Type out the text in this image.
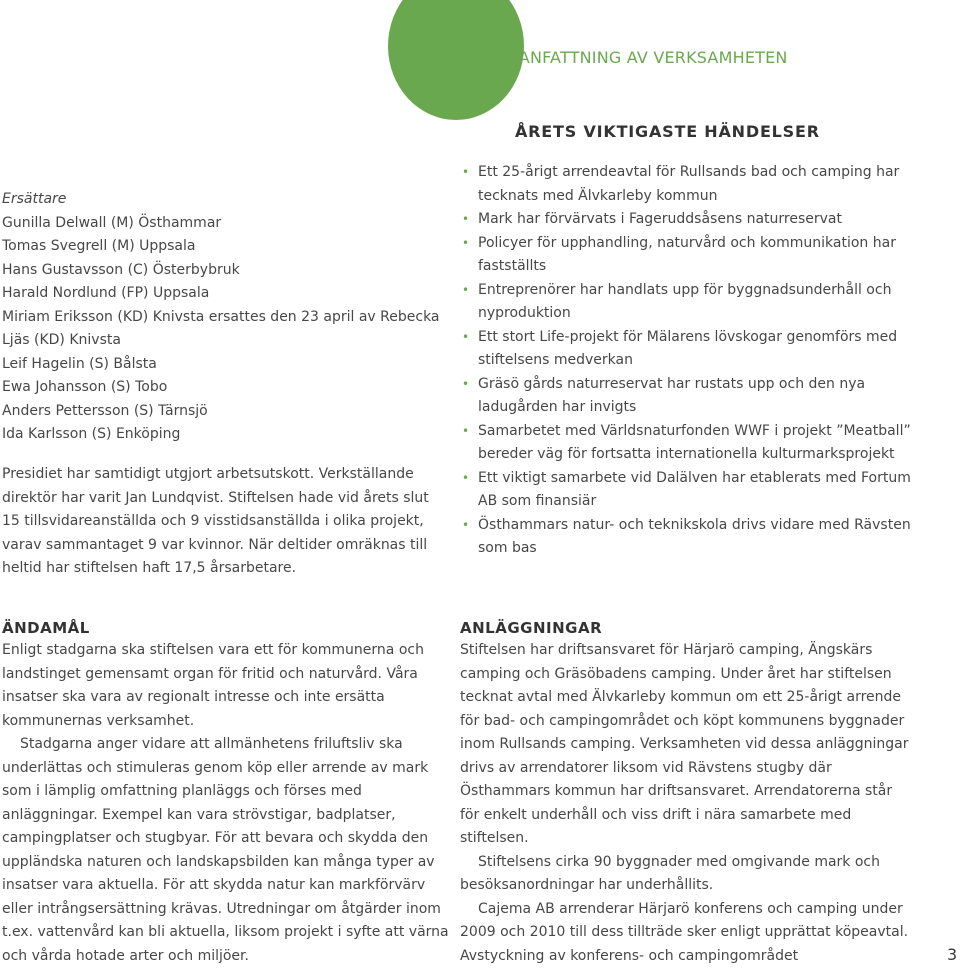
SAMMANFATTNING AV VERKSAMHETEN
ÅRETS VIKTIGASTE HÄNDELSER
• Ett 25-årigt arrendeavtal för Rullsands bad och camping har tecknats med Älvkarleby kommun
• Mark har förvärvats i Fageruddsåsens naturreservat
• Policyer för upphandling, naturvård och kommunikation har fastställts
• Entreprenörer har handlats upp för byggnadsunderhåll och nyproduktion
• Ett stort Life-projekt för Mälarens lövskogar genomförs med stiftelsens medverkan
• Gräsö gårds naturreservat har rustats upp och den nya ladugården har invigts
• Samarbetet med Världsnaturfonden WWF i projekt ”Meatball” bereder väg för fortsatta internationella kulturmarksprojekt
• Ett viktigt samarbete vid Dalälven har etablerats med Fortum AB som finansiär
• Östhammars natur- och teknikskola drivs vidare med Rävsten som bas
Ersättare
Gunilla Delwall (M) Östhammar
Tomas Svegrell (M) Uppsala
Hans Gustavsson (C) Österbybruk
Harald Nordlund (FP) Uppsala
Miriam Eriksson (KD) Knivsta ersattes den 23 april av Rebecka Ljäs (KD) Knivsta
Leif Hagelin (S) Bålsta
Ewa Johansson (S) Tobo
Anders Pettersson (S) Tärnsjö
Ida Karlsson (S) Enköping

Presidiet har samtidigt utgjort arbetsutskott. Verkställande direktör har varit Jan Lundqvist. Stiftelsen hade vid årets slut 15 tillsvidareanställda och 9 visstidsanställda i olika projekt, varav sammantaget 9 var kvinnor. När deltider omräknas till heltid har stiftelsen haft 17,5 årsarbetare.

ÄNDAMÅL

Enligt stadgarna ska stiftelsen vara ett för kommunerna och landstinget gemensamt organ för fritid och naturvård. Våra insatser ska vara av regionalt intresse och inte ersätta kommunernas verksamhet.

Stadgarna anger vidare att allmänhetens friluftsliv ska underlättas och stimuleras genom köp eller arrende av mark som i lämplig omfattning planläggs och förses med anläggningar. Exempel kan vara strövstigar, badplatser, campingplatser och stugbyar. För att bevara och skydda den uppländska naturen och landskapsbilden kan många typer av insatser vara aktuella. För att skydda natur kan markförvärv eller intrångsersättning krävas. Utredningar om åtgärder inom t.ex. vattenvård kan bli aktuella, liksom projekt i syfte att värna och vårda hotade arter och miljöer.

ANLÄGGNINGAR

Stiftelsen har driftsansvaret för Härjarö camping, Ängskärs camping och Gräsöbadens camping. Under året har stiftelsen tecknat avtal med Älvkarleby kommun om ett 25-årigt arrende för bad- och campingområdet och köpt kommunens byggnader inom Rullsands camping. Verksamheten vid dessa anläggningar drivs av arrendatorer liksom vid Rävstens stugby där Östhammars kommun har driftsansvaret. Arrendatorerna står för enkelt underhåll och viss drift i nära samarbete med stiftelsen.

Stiftelsens cirka 90 byggnader med omgivande mark och besöksanordningar har underhållits.

Cajema AB arrenderar Härjarö konferens och camping under 2009 och 2010 till dess tillträde sker enligt upprättat köpeavtal. Avstyckning av konferens- och campingområdet	3
